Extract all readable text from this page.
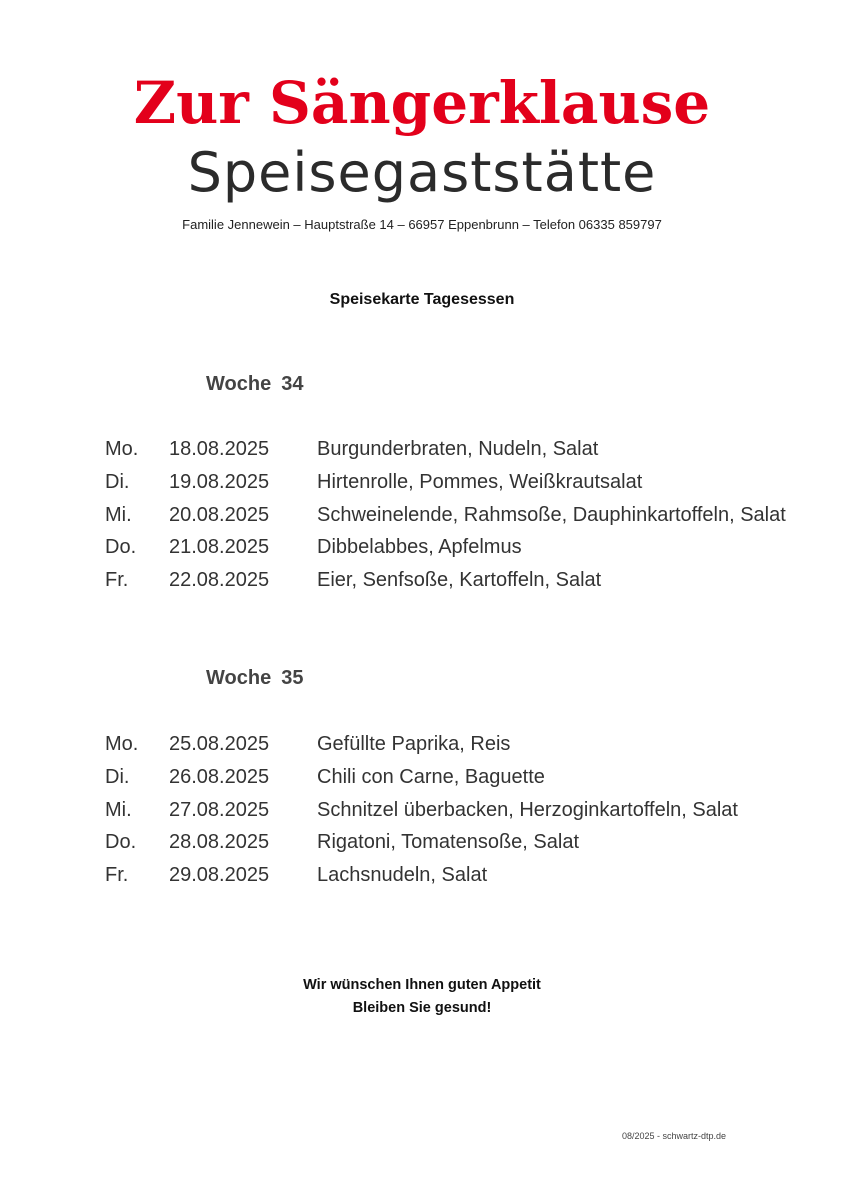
Zur Sängerklause
Speisegaststätte
Familie Jennewein – Hauptstraße 14 – 66957 Eppenbrunn – Telefon 06335 859797
Speisekarte Tagesessen
Woche 34
Mo. 18.08.2025 Burgunderbraten, Nudeln, Salat
Di. 19.08.2025 Hirtenrolle, Pommes, Weißkrautsalat
Mi. 20.08.2025 Schweinelende, Rahmsoße, Dauphinkartoffeln, Salat
Do. 21.08.2025 Dibbelabbes, Apfelmus
Fr. 22.08.2025 Eier, Senfsoße, Kartoffeln, Salat
Woche 35
Mo. 25.08.2025 Gefüllte Paprika, Reis
Di. 26.08.2025 Chili con Carne, Baguette
Mi. 27.08.2025 Schnitzel überbacken, Herzoginkartoffeln, Salat
Do. 28.08.2025 Rigatoni, Tomatensoße, Salat
Fr. 29.08.2025 Lachsnudeln, Salat
Wir wünschen Ihnen guten Appetit
Bleiben Sie gesund!
08/2025 - schwartz-dtp.de
